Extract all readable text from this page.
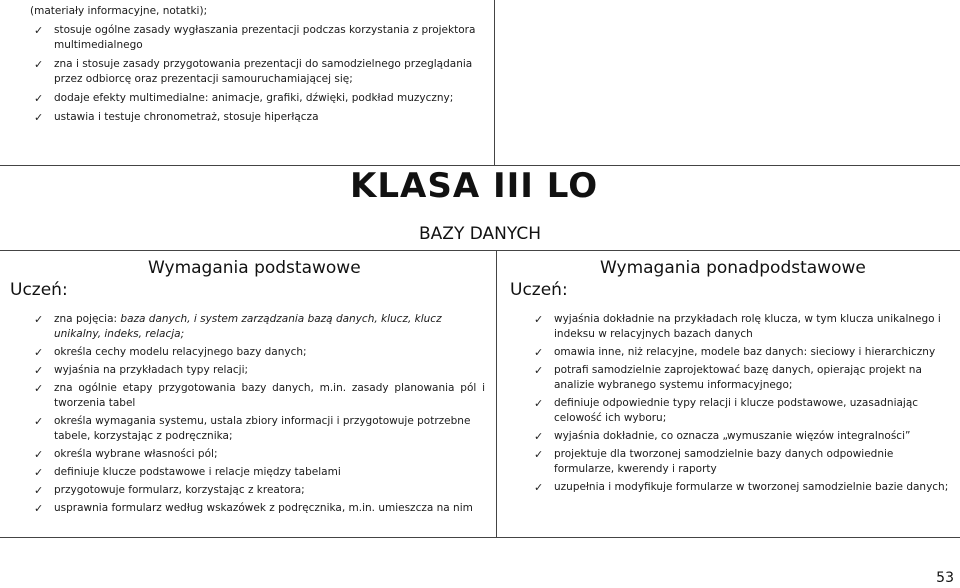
(materiały informacyjne, notatki);
✓ stosuje ogólne zasady wygłaszania prezentacji podczas korzystania z projektora multimedialnego
✓ zna i stosuje zasady przygotowania prezentacji do samodzielnego przeglądania przez odbiorcę oraz prezentacji samouruchamiającej się;
✓ dodaje efekty multimedialne: animacje, grafiki, dźwięki, podkład muzyczny;
✓ ustawia i testuje chronometraż, stosuje hiperłącza
KLASA III LO
BAZY DANYCH
Wymagania podstawowe	Wymagania ponadpodstawowe
Uczeń:	Uczeń:
✓ zna pojęcia: baza danych, i system zarządzania bazą danych, klucz, klucz unikalny, indeks, relacja;
✓ określa cechy modelu relacyjnego bazy danych;
✓ wyjaśnia na przykładach typy relacji;
✓ zna ogólnie etapy przygotowania bazy danych, m.in. zasady planowania pól i tworzenia tabel
✓ określa wymagania systemu, ustala zbiory informacji i przygotowuje potrzebne tabele, korzystając z podręcznika;
✓ określa wybrane własności pól;
✓ definiuje klucze podstawowe i relacje między tabelami
✓ przygotowuje formularz, korzystając z kreatora;
✓ usprawnia formularz według wskazówek z podręcznika, m.in. umieszcza na nim
✓ wyjaśnia dokładnie na przykładach rolę klucza, w tym klucza unikalnego i indeksu w relacyjnych bazach danych
✓ omawia inne, niż relacyjne, modele baz danych: sieciowy i hierarchiczny
✓ potrafi samodzielnie zaprojektować bazę danych, opierając projekt na analizie wybranego systemu informacyjnego;
✓ definiuje odpowiednie typy relacji i klucze podstawowe, uzasadniając celowość ich wyboru;
✓ wyjaśnia dokładnie, co oznacza „wymuszanie więzów integralności”
✓ projektuje dla tworzonej samodzielnie bazy danych odpowiednie formularze, kwerendy i raporty
✓ uzupełnia i modyfikuje formularze w tworzonej samodzielnie bazie danych;
53
